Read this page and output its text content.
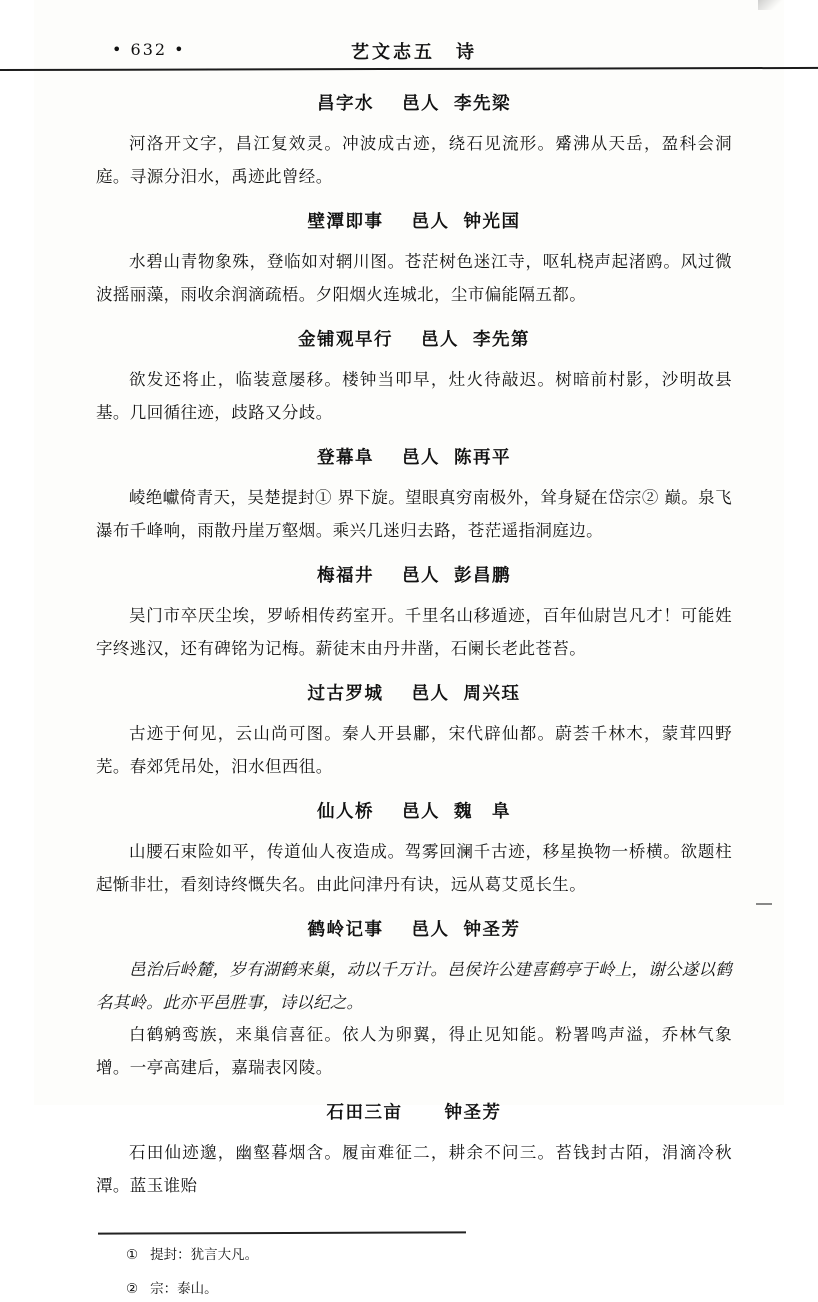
• 632 •	艺文志五　诗
昌字水 邑人 李先梁

河洛开文字，昌江复效灵。冲波成古迹，绕石见流形。觱沸从天岳，盈科会洞庭。寻源分汨水，禹迹此曾经。

壁潭即事 邑人 钟光国

水碧山青物象殊，登临如对辋川图。苍茫树色迷江寺，呕轧桡声起渚鸥。风过微波摇丽藻，雨收余润滴疏梧。夕阳烟火连城北，尘市偏能隔五都。

金铺观早行 邑人 李先第

欲发还将止，临装意屡移。楼钟当叩早，灶火待敲迟。树暗前村影，沙明故县基。几回循往迹，歧路又分歧。

登幕阜 邑人 陈再平

崚绝巘倚青天，吴楚提封① 界下旋。望眼真穷南极外，耸身疑在岱宗② 巅。泉飞瀑布千峰响，雨散丹崖万壑烟。乘兴几迷归去路，苍茫遥指洞庭边。

梅福井 邑人 彭昌鹏

吴门市卒厌尘埃，罗峤相传药室开。千里名山移遁迹，百年仙尉岂凡才！可能姓字终逃汉，还有碑铭为记梅。薪徒末由丹井凿，石阑长老此苍苔。

过古罗城 邑人 周兴珏

古迹于何见，云山尚可图。秦人开县鄘，宋代辟仙都。蔚荟千林木，蒙茸四野芜。春郊凭吊处，汨水但西徂。

仙人桥 邑人 魏　阜

山腰石束险如平，传道仙人夜造成。驾雾回澜千古迹，移星换物一桥横。欲题柱起惭非壮，看刻诗终慨失名。由此问津丹有诀，远从葛艾觅长生。

鹤岭记事 邑人 钟圣芳

邑治后岭麓，岁有湖鹤来巢，动以千万计。邑侯许公建喜鹤亭于岭上，谢公遂以鹤名其岭。此亦平邑胜事，诗以纪之。

白鹤鹓鸾族，来巢信喜征。依人为卵翼，得止见知能。粉署鸣声溢，乔林气象增。一亭高建后，嘉瑞表冈陵。

石田三亩 钟圣芳

石田仙迹邈，幽壑暮烟含。履亩难征二，耕余不问三。苔钱封古陌，涓滴冷秋潭。蓝玉谁贻

① 提封：犹言大凡。
② 宗：泰山。
